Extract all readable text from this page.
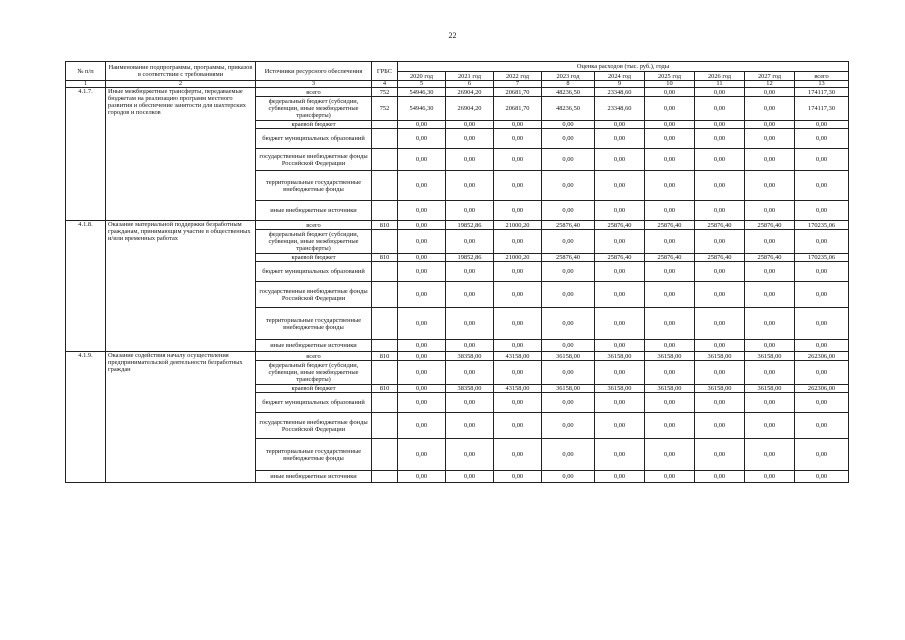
22
№ п/п	Наименование подпрограммы, программы, приказов в соответствии с требованиями	Источники ресурсного обеспечения	ГРБС	Оценка расходов (тыс. руб.), годы								
				2020 год	2021 год	2022 год	2023 год	2024 год	2025 год	2026 год	2027 год	всего
1	2	3	4	5	6	7	8	9	10	11	12	13
4.1.7.	Иные межбюджетные трансферты, передаваемые бюджетам на реализацию программ местного развития и обеспечение занятости для шахтерских городов и поселков	всего	752	54946,30	26904,20	20681,70	48236,50	23348,60	0,00	0,00	0,00	174117,30
		федеральный бюджет (субсидии, субвенции, иные межбюджетные трансферты)	752	54946,30	26904,20	20681,70	48236,50	23348,60	0,00	0,00	0,00	174117,30
		краевой бюджет		0,00	0,00	0,00	0,00	0,00	0,00	0,00	0,00	0,00
		бюджет муниципальных образований		0,00	0,00	0,00	0,00	0,00	0,00	0,00	0,00	0,00
		государственные внебюджетные фонды Российской Федерации		0,00	0,00	0,00	0,00	0,00	0,00	0,00	0,00	0,00
		территориальные государственные внебюджетные фонды		0,00	0,00	0,00	0,00	0,00	0,00	0,00	0,00	0,00
		иные внебюджетные источники		0,00	0,00	0,00	0,00	0,00	0,00	0,00	0,00	0,00
4.1.8.	Оказание материальной поддержки безработным гражданам, принимающим участие в общественных и/или временных работах	всего	810	0,00	19852,86	21000,20	25876,40	25876,40	25876,40	25876,40	25876,40	170235,06
		федеральный бюджет (субсидии, субвенции, иные межбюджетные трансферты)		0,00	0,00	0,00	0,00	0,00	0,00	0,00	0,00	0,00
		краевой бюджет	810	0,00	19852,86	21000,20	25876,40	25876,40	25876,40	25876,40	25876,40	170235,06
		бюджет муниципальных образований		0,00	0,00	0,00	0,00	0,00	0,00	0,00	0,00	0,00
		государственные внебюджетные фонды Российской Федерации		0,00	0,00	0,00	0,00	0,00	0,00	0,00	0,00	0,00
		территориальные государственные внебюджетные фонды		0,00	0,00	0,00	0,00	0,00	0,00	0,00	0,00	0,00
		иные внебюджетные источники		0,00	0,00	0,00	0,00	0,00	0,00	0,00	0,00	0,00
4.1.9.	Оказание содействия началу осуществления предпринимательской деятельности безработных граждан	всего	810	0,00	38358,00	43158,00	36158,00	36158,00	36158,00	36158,00	36158,00	262306,00
		федеральный бюджет (субсидии, субвенции, иные межбюджетные трансферты)		0,00	0,00	0,00	0,00	0,00	0,00	0,00	0,00	0,00
		краевой бюджет	810	0,00	38358,00	43158,00	36158,00	36158,00	36158,00	36158,00	36158,00	262306,00
		бюджет муниципальных образований		0,00	0,00	0,00	0,00	0,00	0,00	0,00	0,00	0,00
		государственные внебюджетные фонды Российской Федерации		0,00	0,00	0,00	0,00	0,00	0,00	0,00	0,00	0,00
		территориальные государственные внебюджетные фонды		0,00	0,00	0,00	0,00	0,00	0,00	0,00	0,00	0,00
		иные внебюджетные источники		0,00	0,00	0,00	0,00	0,00	0,00	0,00	0,00	0,00
